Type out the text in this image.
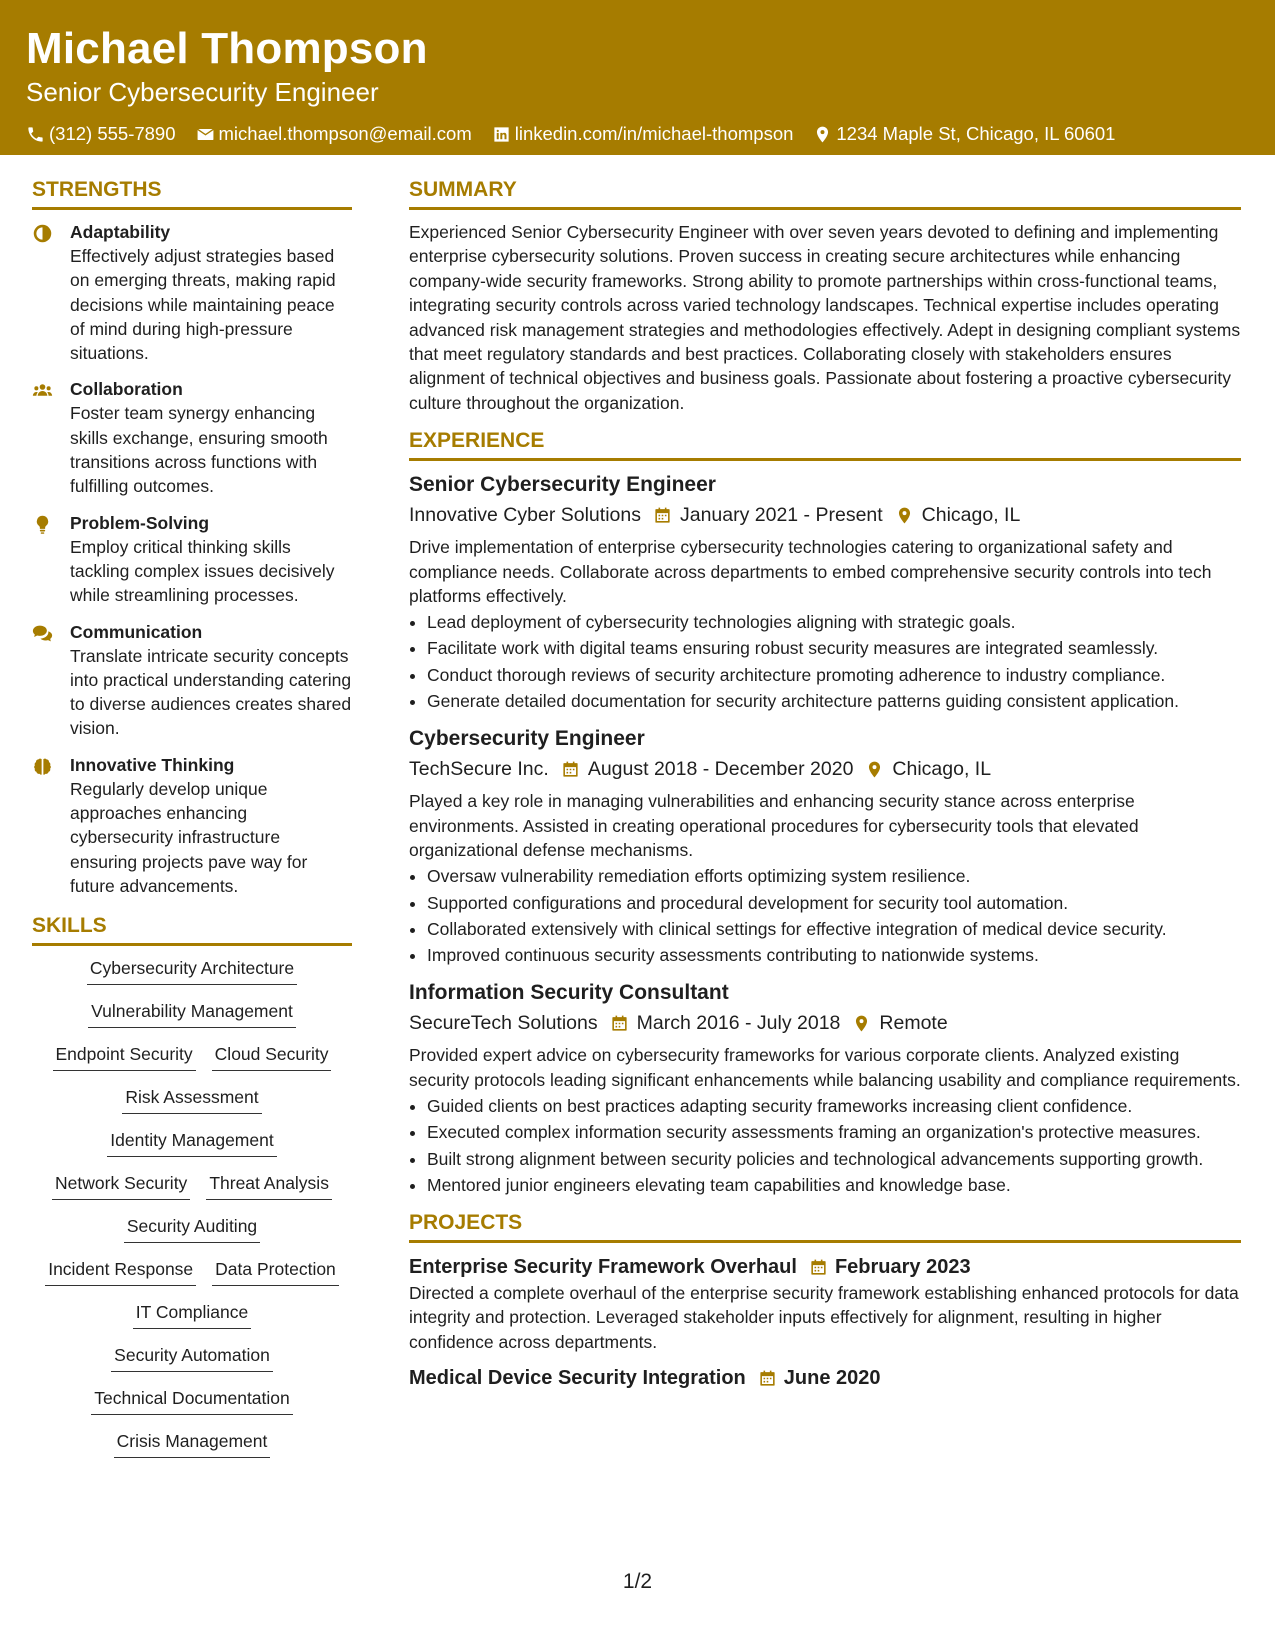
Michael Thompson
Senior Cybersecurity Engineer
(312) 555-7890 michael.thompson@email.com linkedin.com/in/michael-thompson 1234 Maple St, Chicago, IL 60601
STRENGTHS
Adaptability
Effectively adjust strategies based on emerging threats, making rapid decisions while maintaining peace of mind during high-pressure situations.
Collaboration
Foster team synergy enhancing skills exchange, ensuring smooth transitions across functions with fulfilling outcomes.
Problem-Solving
Employ critical thinking skills tackling complex issues decisively while streamlining processes.
Communication
Translate intricate security concepts into practical understanding catering to diverse audiences creates shared vision.
Innovative Thinking
Regularly develop unique approaches enhancing cybersecurity infrastructure ensuring projects pave way for future advancements.
SKILLS
Cybersecurity Architecture
Vulnerability Management
Endpoint Security Cloud Security
Risk Assessment
Identity Management
Network Security Threat Analysis
Security Auditing
Incident Response Data Protection
IT Compliance
Security Automation
Technical Documentation
Crisis Management
SUMMARY
Experienced Senior Cybersecurity Engineer with over seven years devoted to defining and implementing enterprise cybersecurity solutions. Proven success in creating secure architectures while enhancing company-wide security frameworks. Strong ability to promote partnerships within cross-functional teams, integrating security controls across varied technology landscapes. Technical expertise includes operating advanced risk management strategies and methodologies effectively. Adept in designing compliant systems that meet regulatory standards and best practices. Collaborating closely with stakeholders ensures alignment of technical objectives and business goals. Passionate about fostering a proactive cybersecurity culture throughout the organization.
EXPERIENCE
Senior Cybersecurity Engineer
Innovative Cyber Solutions January 2021 - Present Chicago, IL
Drive implementation of enterprise cybersecurity technologies catering to organizational safety and compliance needs. Collaborate across departments to embed comprehensive security controls into tech platforms effectively.
• Lead deployment of cybersecurity technologies aligning with strategic goals.
• Facilitate work with digital teams ensuring robust security measures are integrated seamlessly.
• Conduct thorough reviews of security architecture promoting adherence to industry compliance.
• Generate detailed documentation for security architecture patterns guiding consistent application.
Cybersecurity Engineer
TechSecure Inc. August 2018 - December 2020 Chicago, IL
Played a key role in managing vulnerabilities and enhancing security stance across enterprise environments. Assisted in creating operational procedures for cybersecurity tools that elevated organizational defense mechanisms.
• Oversaw vulnerability remediation efforts optimizing system resilience.
• Supported configurations and procedural development for security tool automation.
• Collaborated extensively with clinical settings for effective integration of medical device security.
• Improved continuous security assessments contributing to nationwide systems.
Information Security Consultant
SecureTech Solutions March 2016 - July 2018 Remote
Provided expert advice on cybersecurity frameworks for various corporate clients. Analyzed existing security protocols leading significant enhancements while balancing usability and compliance requirements.
• Guided clients on best practices adapting security frameworks increasing client confidence.
• Executed complex information security assessments framing an organization's protective measures.
• Built strong alignment between security policies and technological advancements supporting growth.
• Mentored junior engineers elevating team capabilities and knowledge base.
PROJECTS
Enterprise Security Framework Overhaul February 2023
Directed a complete overhaul of the enterprise security framework establishing enhanced protocols for data integrity and protection. Leveraged stakeholder inputs effectively for alignment, resulting in higher confidence across departments.
Medical Device Security Integration June 2020
1/2
